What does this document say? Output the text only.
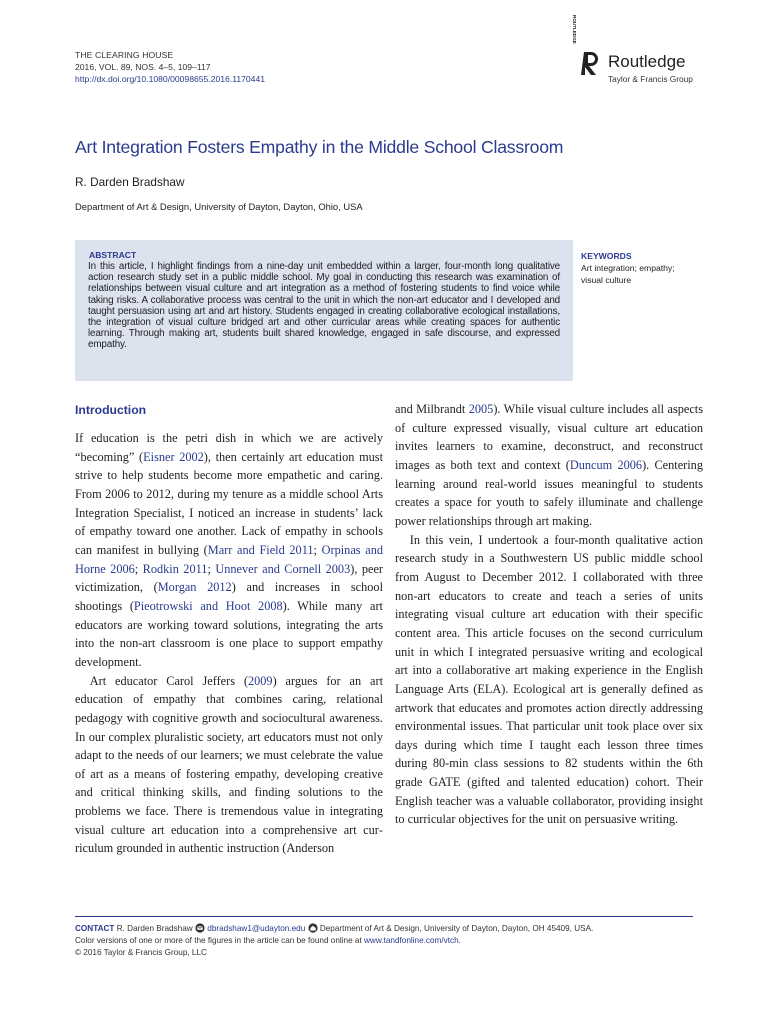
THE CLEARING HOUSE
2016, VOL. 89, NOS. 4–5, 109–117
http://dx.doi.org/10.1080/00098655.2016.1170441
ROUTLEDGE
Routledge
Taylor & Francis Group
Art Integration Fosters Empathy in the Middle School Classroom
R. Darden Bradshaw
Department of Art & Design, University of Dayton, Dayton, Ohio, USA
ABSTRACT
In this article, I highlight findings from a nine-day unit embedded within a larger, four-month long qualitative action research study set in a public middle school. My goal in conducting this research was examination of relationships between visual culture and art integration as a method of fostering students to find voice while taking risks. A collaborative process was central to the unit in which the non-art educator and I developed and taught persuasion using art and art history. Students engaged in creating collaborative ecological installations, the integration of visual culture bridged art and other curricular areas while creating spaces for authentic learning. Through making art, students built shared knowledge, engaged in safe discourse, and expressed empathy.
KEYWORDS
Art integration; empathy; visual culture
Introduction

If education is the petri dish in which we are actively “becoming” (Eisner 2002), then certainly art education must strive to help students become more empathetic and caring. From 2006 to 2012, during my tenure as a middle school Arts Integration Specialist, I noticed an increase in students’ lack of empathy toward one another. Lack of empathy in schools can manifest in bullying (Marr and Field 2011; Orpinas and Horne 2006; Rodkin 2011; Unnever and Cornell 2003), peer victimization, (Morgan 2012) and increases in school shootings (Pieotrowski and Hoot 2008). While many art educators are working toward solutions, integrating the arts into the non-art classroom is one place to support empathy development.

Art educator Carol Jeffers (2009) argues for an art education of empathy that combines caring, relational pedagogy with cognitive growth and sociocultural awareness. In our complex pluralistic society, art educators must not only adapt to the needs of our learners; we must celebrate the value of art as a means of fostering empathy, developing creative and critical thinking skills, and finding solutions to the problems we face. There is tremendous value in integrating visual culture art education into a comprehensive art curriculum grounded in authentic instruction (Anderson

and Milbrandt 2005). While visual culture includes all aspects of culture expressed visually, visual culture art education invites learners to examine, deconstruct, and reconstruct images as both text and context (Duncum 2006). Centering learning around real-world issues meaningful to students creates a space for youth to safely illuminate and challenge power relationships through art making.

In this vein, I undertook a four-month qualitative action research study in a Southwestern US public middle school from August to December 2012. I collaborated with three non-art educators to create and teach a series of units integrating visual culture art education with their specific content area. This article focuses on the second curriculum unit in which I integrated persuasive writing and ecological art into a collaborative art making experience in the English Language Arts (ELA). Ecological art is generally defined as artwork that educates and promotes action directly addressing environmental issues. That particular unit took place over six days during which time I taught each lesson three times during 80-min class sessions to 82 students within the 6th grade GATE (gifted and talented education) cohort. Their English teacher was a valuable collaborator, providing insight to curricular objectives for the unit on persuasive writing.

CONTACT R. Darden Bradshaw dbradshaw1@udayton.edu Department of Art & Design, University of Dayton, Dayton, OH 45409, USA.
Color versions of one or more of the figures in the article can be found online at www.tandfonline.com/vtch.
© 2016 Taylor & Francis Group, LLC
